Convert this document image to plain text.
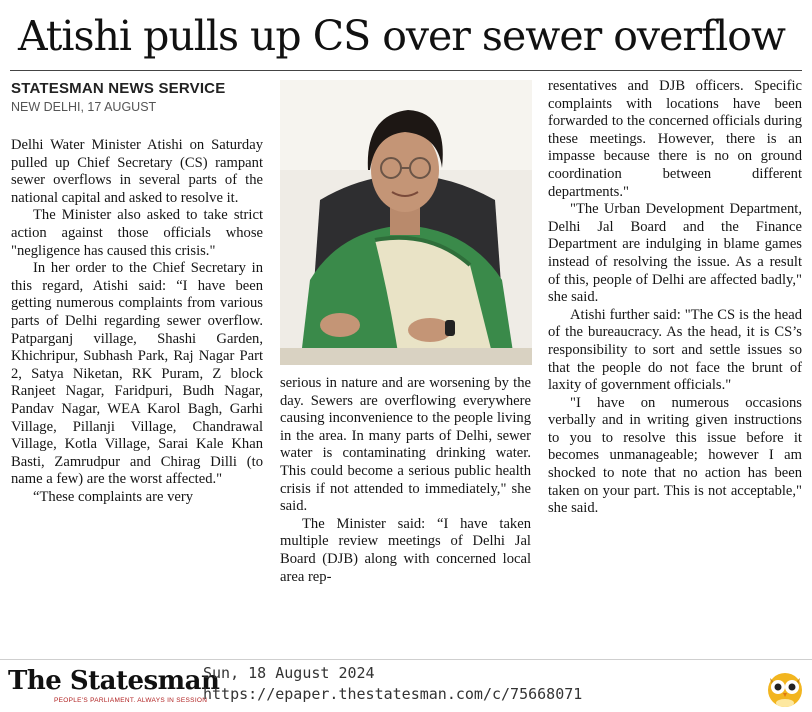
Atishi pulls up CS over sewer overflow
STATESMAN NEWS SERVICE
NEW DELHI, 17 AUGUST

Delhi Water Minister Atishi on Saturday pulled up Chief Secretary (CS) rampant sewer overflows in several parts of the national capital and asked to resolve it.

The Minister also asked to take strict action against those officials whose "negligence has caused this crisis."

In her order to the Chief Secretary in this regard, Atishi said: “I have been getting numerous complaints from various parts of Delhi regarding sewer overflow. Patparganj village, Shashi Garden, Khichripur, Subhash Park, Raj Nagar Part 2, Satya Niketan, RK Puram, Z block Ranjeet Nagar, Faridpuri, Budh Nagar, Pandav Nagar, WEA Karol Bagh, Garhi Village, Pillanji Village, Chandrawal Village, Kotla Village, Sarai Kale Khan Basti, Zamrudpur and Chirag Dilli (to name a few) are the worst affected."

“These complaints are very

serious in nature and are worsening by the day. Sewers are overflowing everywhere causing inconvenience to the people living in the area. In many parts of Delhi, sewer water is contaminating drinking water. This could become a serious public health crisis if not attended to immediately," she said.

The Minister said: “I have taken multiple review meetings of Delhi Jal Board (DJB) along with concerned local area rep-

resentatives and DJB officers. Specific complaints with locations have been forwarded to the concerned officials during these meetings. However, there is an impasse because there is no on ground coordination between different departments."

"The Urban Development Department, Delhi Jal Board and the Finance Department are indulging in blame games instead of resolving the issue. As a result of this, people of Delhi are affected badly," she said.

Atishi further said: "The CS is the head of the bureaucracy. As the head, it is CS’s responsibility to sort and settle issues so that the people do not face the brunt of laxity of government officials."

"I have on numerous occasions verbally and in writing given instructions to you to resolve this issue before it becomes unmanageable; however I am shocked to note that no action has been taken on your part. This is not acceptable," she said.

The Statesman
PEOPLE'S PARLIAMENT. ALWAYS IN SESSION
Sun, 18 August 2024
https://epaper.thestatesman.com/c/75668071
